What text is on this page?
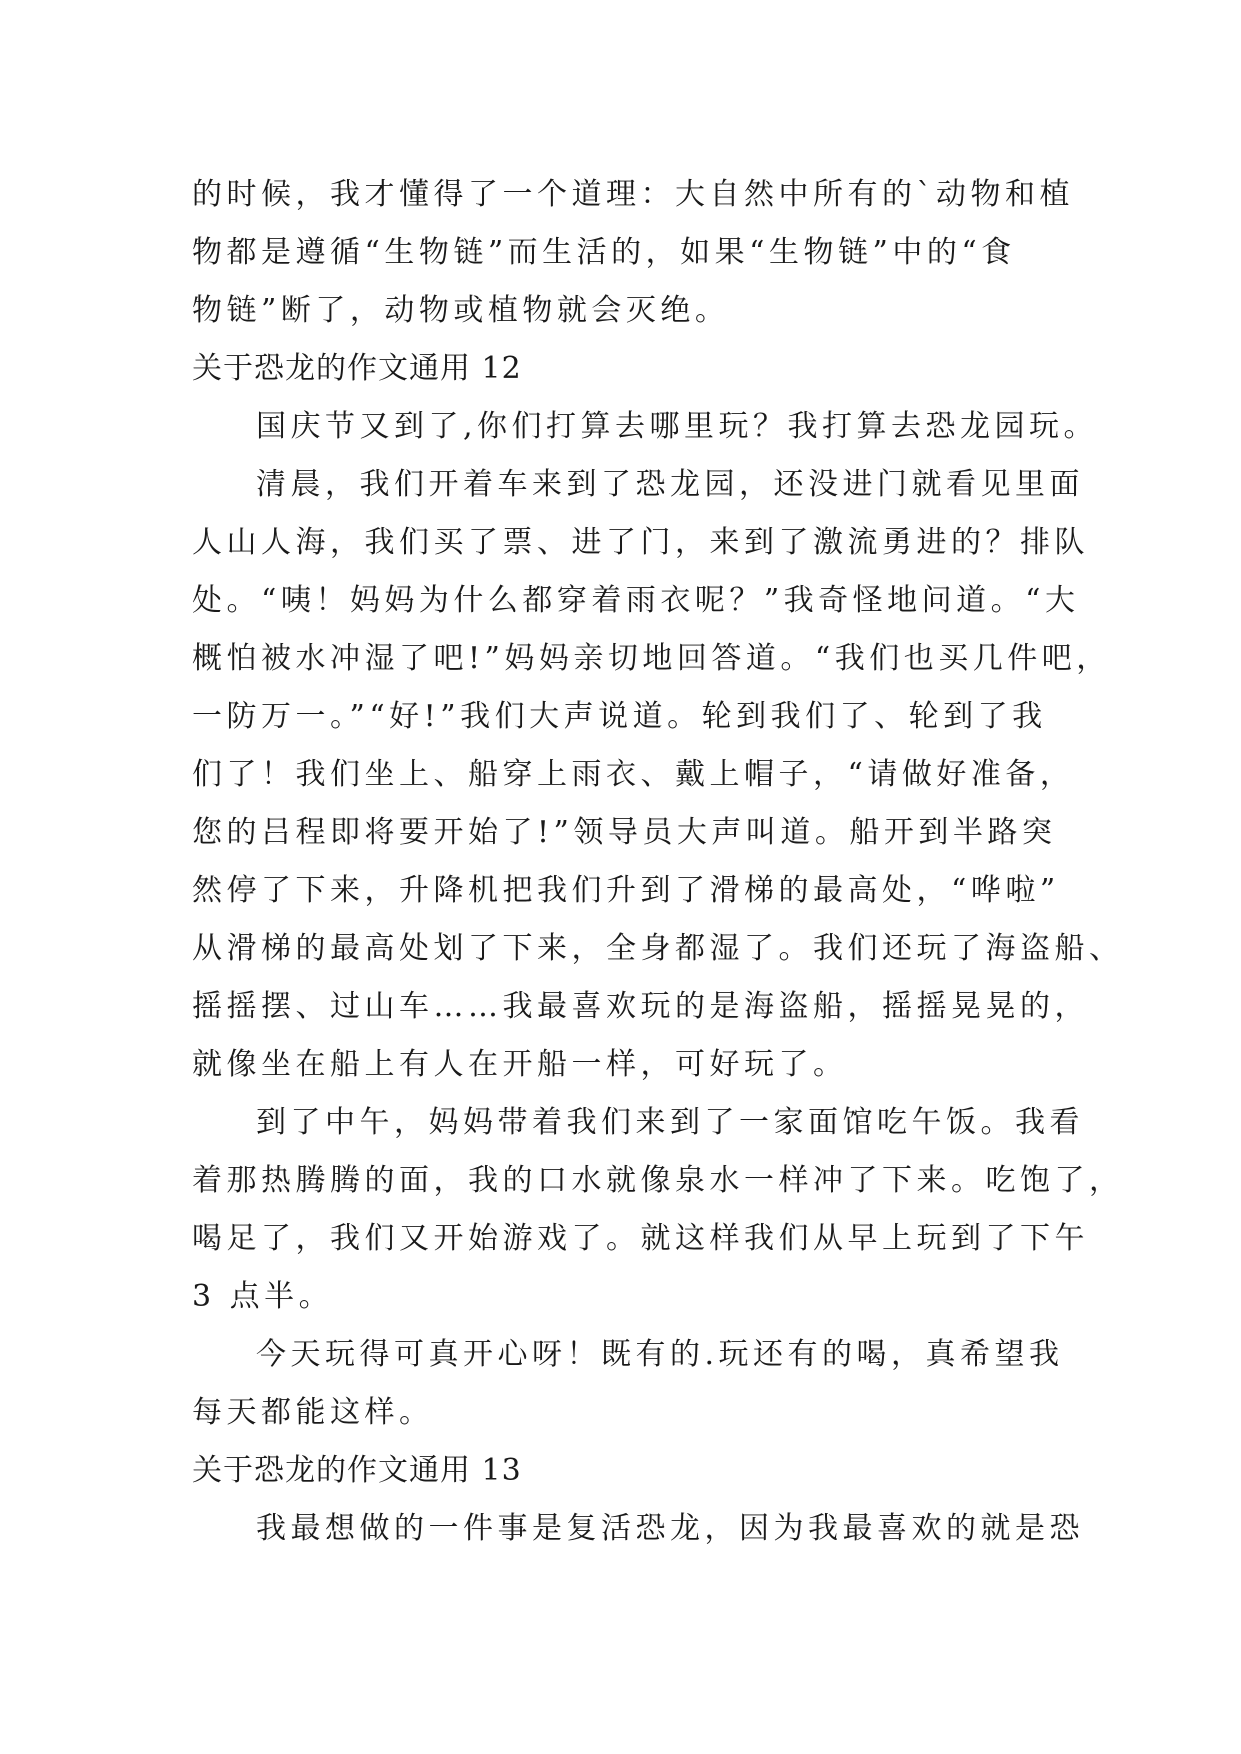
的时候，我才懂得了一个道理：大自然中所有的`动物和植
物都是遵循“生物链”而生活的，如果“生物链”中的“食
物链”断了，动物或植物就会灭绝。
关于恐龙的作文通用 12
国庆节又到了,你们打算去哪里玩？我打算去恐龙园玩。
清晨，我们开着车来到了恐龙园，还没进门就看见里面
人山人海，我们买了票、进了门，来到了激流勇进的？排队
处。“咦！妈妈为什么都穿着雨衣呢？”我奇怪地问道。“大
概怕被水冲湿了吧!”妈妈亲切地回答道。“我们也买几件吧，
一防万一。”“好!”我们大声说道。轮到我们了、轮到了我
们了！我们坐上、船穿上雨衣、戴上帽子，“请做好准备，
您的吕程即将要开始了!”领导员大声叫道。船开到半路突
然停了下来，升降机把我们升到了滑梯的最高处，“哗啦”
从滑梯的最高处划了下来，全身都湿了。我们还玩了海盗船、
摇摇摆、过山车……我最喜欢玩的是海盗船，摇摇晃晃的，
就像坐在船上有人在开船一样，可好玩了。
到了中午，妈妈带着我们来到了一家面馆吃午饭。我看
着那热腾腾的面，我的口水就像泉水一样冲了下来。吃饱了，
喝足了，我们又开始游戏了。就这样我们从早上玩到了下午
3 点半。
今天玩得可真开心呀！既有的.玩还有的喝，真希望我
每天都能这样。
关于恐龙的作文通用 13
我最想做的一件事是复活恐龙，因为我最喜欢的就是恐
